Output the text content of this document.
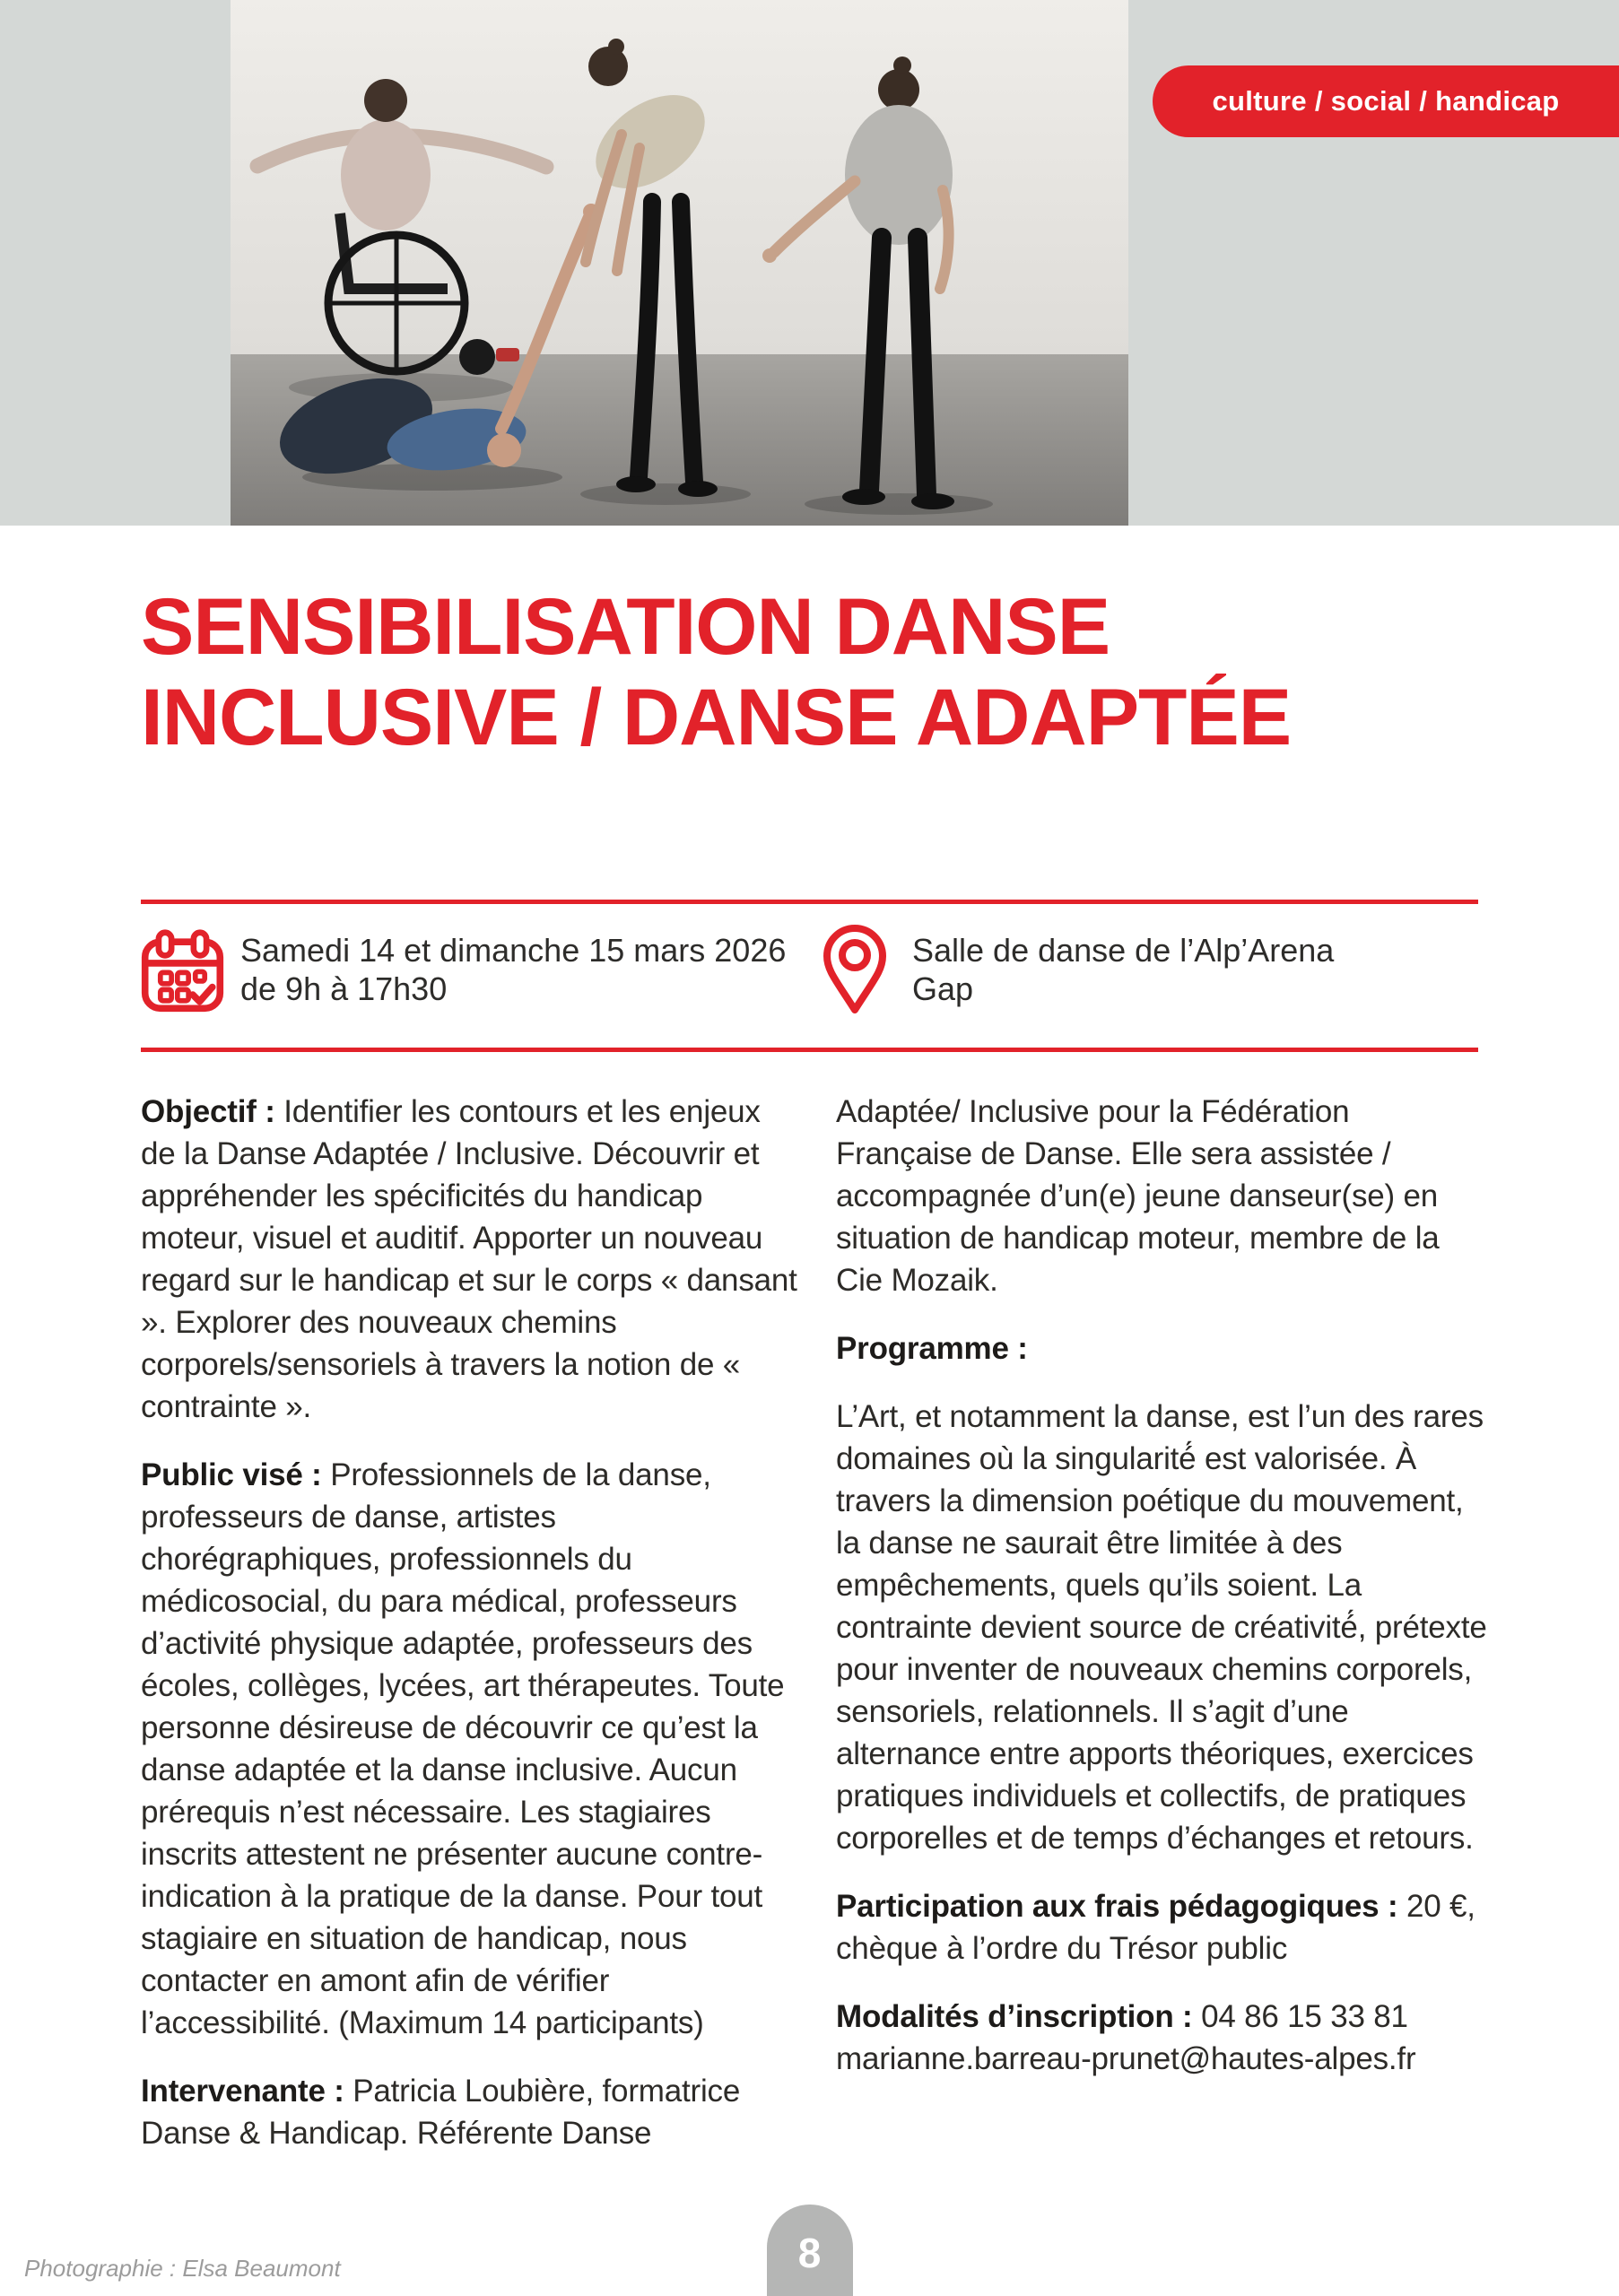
culture / social / handicap
SENSIBILISATION DANSE
INCLUSIVE / DANSE ADAPTÉE
Samedi 14 et dimanche 15 mars 2026
de 9h à 17h30
Salle de danse de l’Alp’Arena
Gap

Objectif : Identifier les contours et les enjeux de la Danse Adaptée / Inclusive. Découvrir et appréhender les spécificités du handicap moteur, visuel et auditif. Apporter un nouveau regard sur le handicap et sur le corps « dansant ». Explorer des nouveaux chemins corporels/sensoriels à travers la notion de « contrainte ».

Public visé : Professionnels de la danse, professeurs de danse, artistes chorégraphiques, professionnels du médicosocial, du para médical, professeurs d’activité physique adaptée, professeurs des écoles, collèges, lycées, art thérapeutes. Toute personne désireuse de découvrir ce qu’est la danse adaptée et la danse inclusive. Aucun prérequis n’est nécessaire. Les stagiaires inscrits attestent ne présenter aucune contre-indication à la pratique de la danse. Pour tout stagiaire en situation de handicap, nous contacter en amont afin de vérifier l’accessibilité. (Maximum 14 participants)

Intervenante : Patricia Loubière, formatrice Danse & Handicap. Référente Danse

Adaptée/ Inclusive pour la Fédération Française de Danse. Elle sera assistée / accompagnée d’un(e) jeune danseur(se) en situation de handicap moteur, membre de la Cie Mozaik.

Programme :

L’Art, et notamment la danse, est l’un des rares domaines où la singularité́ est valorisée. À travers la dimension poétique du mouvement, la danse ne saurait être limitée à des empêchements, quels qu’ils soient. La contrainte devient source de créativité́, prétexte pour inventer de nouveaux chemins corporels, sensoriels, relationnels. Il s’agit d’une alternance entre apports théoriques, exercices pratiques individuels et collectifs, de pratiques corporelles et de temps d’échanges et retours.

Participation aux frais pédagogiques : 20 €, chèque à l’ordre du Trésor public

Modalités d’inscription : 04 86 15 33 81 marianne.barreau-prunet@hautes-alpes.fr

Photographie : Elsa Beaumont	8
